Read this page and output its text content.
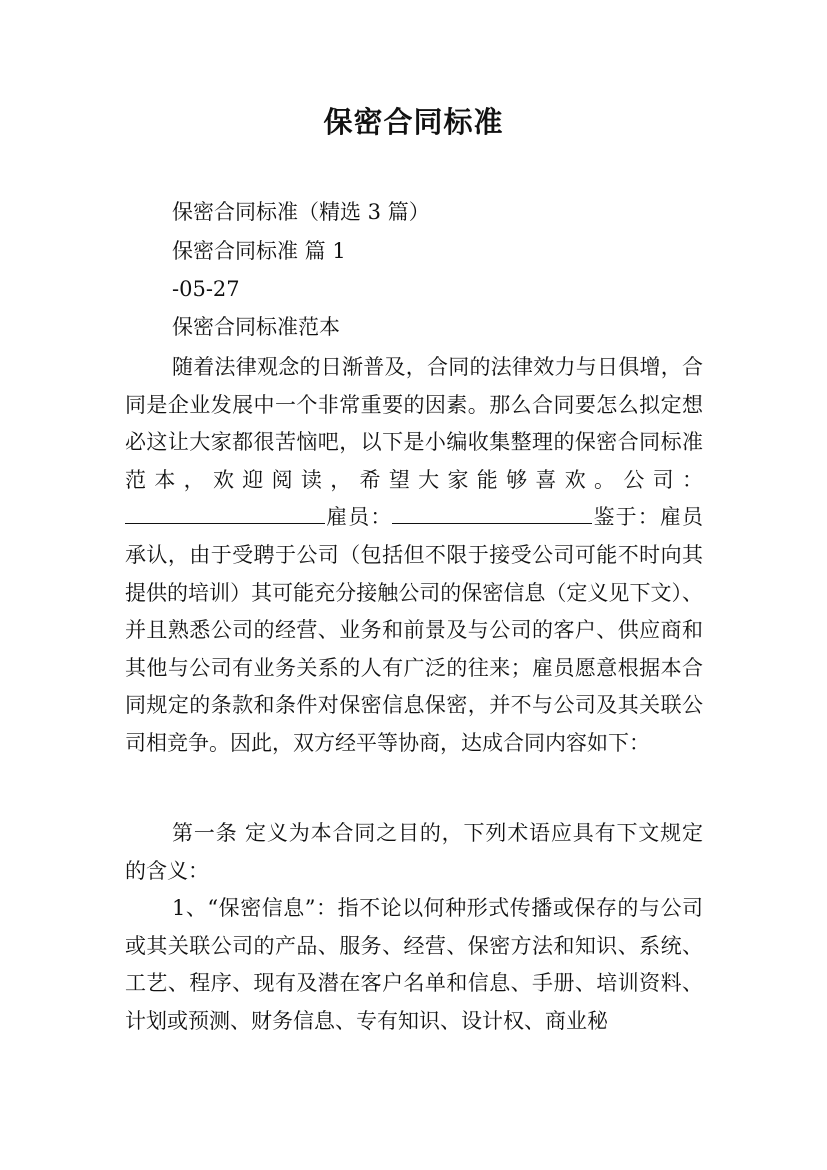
保密合同标准
保密合同标准（精选 3 篇）
保密合同标准 篇 1
-05-27
保密合同标准范本
随着法律观念的日渐普及，合同的法律效力与日俱增，合同是企业发展中一个非常重要的因素。那么合同要怎么拟定想必这让大家都很苦恼吧，以下是小编收集整理的保密合同标准范本，欢迎阅读，希望大家能够喜欢。公司：雇员：	鉴于：雇员承认，由于受聘于公司（包括但不限于接受公司可能不时向其提供的培训）其可能充分接触公司的保密信息（定义见下文）、并且熟悉公司的经营、业务和前景及与公司的客户、供应商和其他与公司有业务关系的人有广泛的往来；雇员愿意根据本合同规定的条款和条件对保密信息保密，并不与公司及其关联公司相竞争。因此，双方经平等协商，达成合同内容如下：
第一条 定义为本合同之目的，下列术语应具有下文规定的含义：
1、“保密信息”：指不论以何种形式传播或保存的与公司或其关联公司的产品、服务、经营、保密方法和知识、系统、工艺、程序、现有及潜在客户名单和信息、手册、培训资料、计划或预测、财务信息、专有知识、设计权、商业秘
